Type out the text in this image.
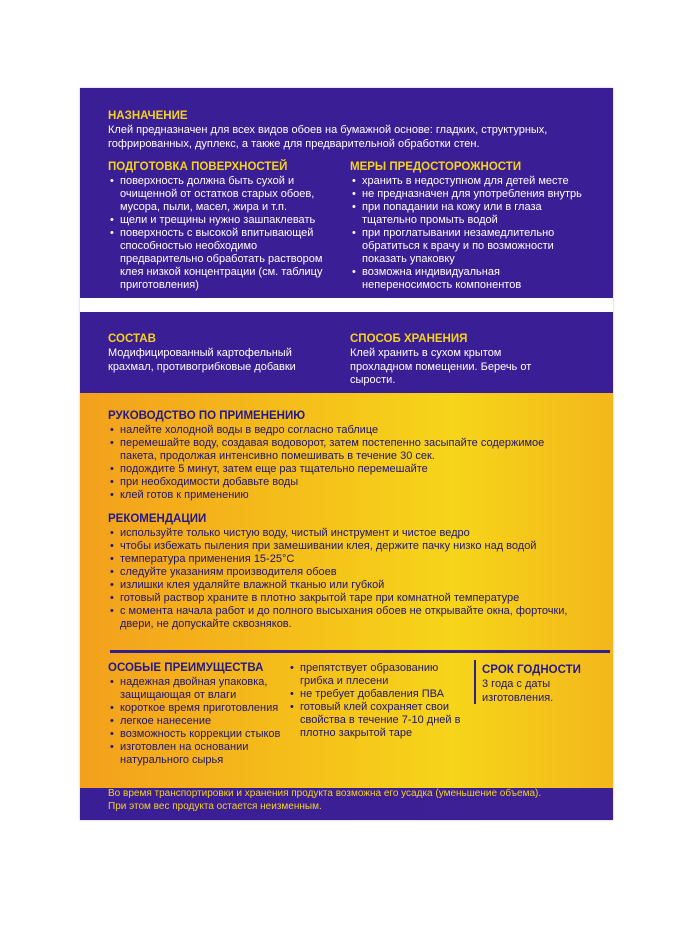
НАЗНАЧЕНИЕ

Клей предназначен для всех видов обоев на бумажной основе: гладких, структурных, гофрированных, дуплекс, а также для предварительной обработки стен.

ПОДГОТОВКА ПОВЕРХНОСТЕЙ
• поверхность должна быть сухой и очищенной от остатков старых обоев, мусора, пыли, масел, жира и т.п.
• щели и трещины нужно зашпаклевать
• поверхность с высокой впитывающей способностью необходимо предварительно обработать раствором клея низкой концентрации (см. таблицу приготовления)
МЕРЫ ПРЕДОСТОРОЖНОСТИ
• хранить в недоступном для детей месте
• не предназначен для употребления внутрь
• при попадании на кожу или в глаза тщательно промыть водой
• при проглатывании незамедлительно обратиться к врачу и по возможности показать упаковку
• возможна индивидуальная непереносимость компонентов
СОСТАВ

Модифицированный картофельный крахмал, противогрибковые добавки

СПОСОБ ХРАНЕНИЯ

Клей хранить в сухом крытом прохладном помещении. Беречь от сырости.

РУКОВОДСТВО ПО ПРИМЕНЕНИЮ
• налейте холодной воды в ведро согласно таблице
• перемешайте воду, создавая водоворот, затем постепенно засыпайте содержимое пакета, продолжая интенсивно помешивать в течение 30 сек.
• подождите 5 минут, затем еще раз тщательно перемешайте
• при необходимости добавьте воды
• клей готов к применению
РЕКОМЕНДАЦИИ
• используйте только чистую воду, чистый инструмент и чистое ведро
• чтобы избежать пыления при замешивании клея, держите пачку низко над водой
• температура применения 15-25°С
• следуйте указаниям производителя обоев
• излишки клея удаляйте влажной тканью или губкой
• готовый раствор храните в плотно закрытой таре при комнатной температуре
• с момента начала работ и до полного высыхания обоев не открывайте окна, форточки, двери, не допускайте сквозняков.
ОСОБЫЕ ПРЕИМУЩЕСТВА
• надежная двойная упаковка, защищающая от влаги
• короткое время приготовления
• легкое нанесение
• возможность коррекции стыков
• изготовлен на основании натурального сырья
• препятствует образованию грибка и плесени
• не требует добавления ПВА
• готовый клей сохраняет свои свойства в течение 7-10 дней в плотно закрытой таре
СРОК ГОДНОСТИ

3 года с даты изготовления.

Во время транспортировки и хранения продукта возможна его усадка (уменьшение объема).
При этом вес продукта остается неизменным.
